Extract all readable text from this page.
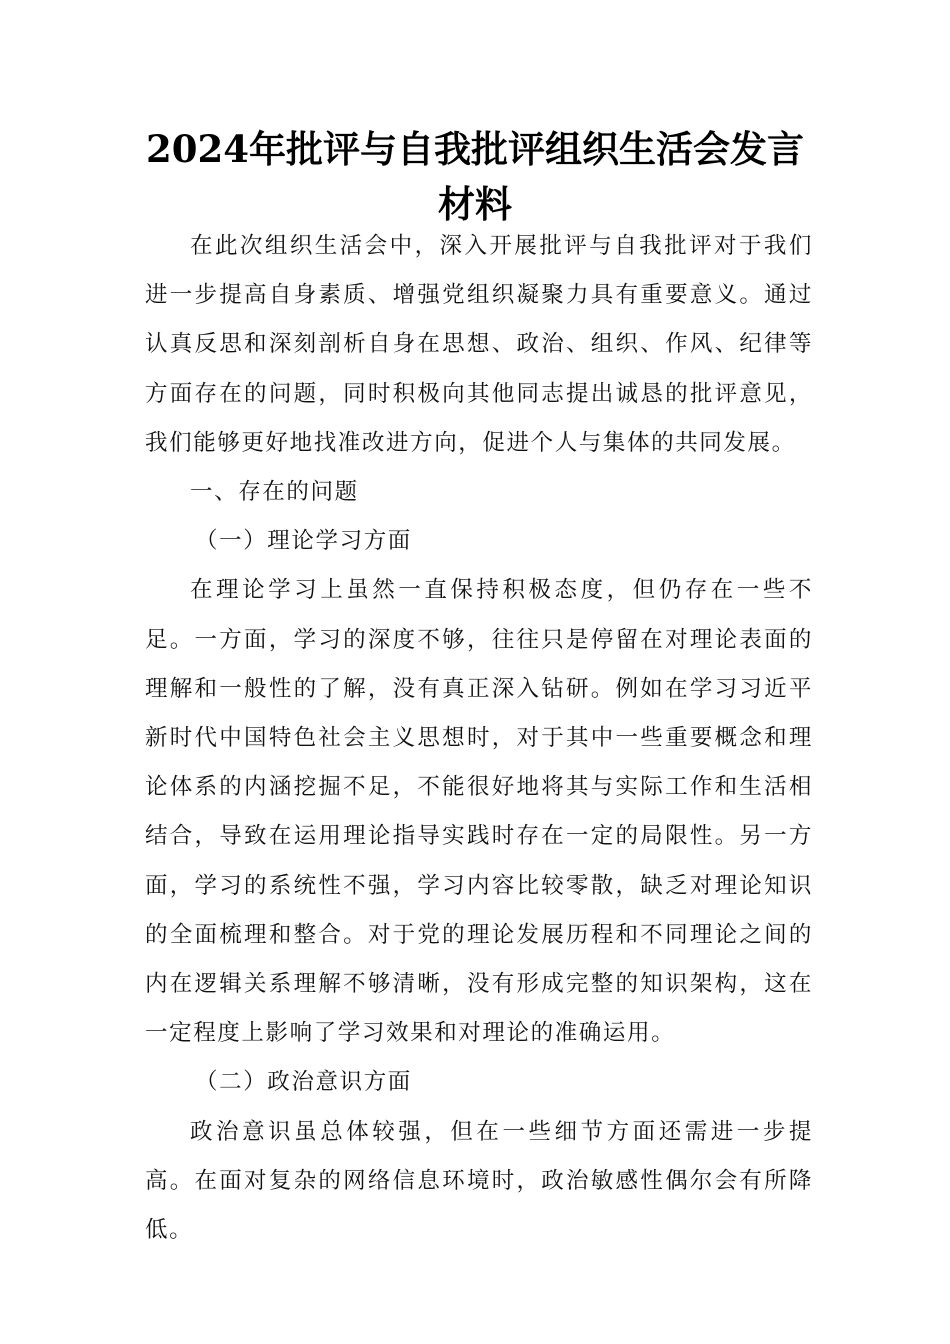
2024年批评与自我批评组织生活会发言材料

在此次组织生活会中，深入开展批评与自我批评对于我们进一步提高自身素质、增强党组织凝聚力具有重要意义。通过认真反思和深刻剖析自身在思想、政治、组织、作风、纪律等方面存在的问题，同时积极向其他同志提出诚恳的批评意见，我们能够更好地找准改进方向，促进个人与集体的共同发展。

一、存在的问题

（一）理论学习方面

在理论学习上虽然一直保持积极态度，但仍存在一些不足。一方面，学习的深度不够，往往只是停留在对理论表面的理解和一般性的了解，没有真正深入钻研。例如在学习习近平新时代中国特色社会主义思想时，对于其中一些重要概念和理论体系的内涵挖掘不足，不能很好地将其与实际工作和生活相结合，导致在运用理论指导实践时存在一定的局限性。另一方面，学习的系统性不强，学习内容比较零散，缺乏对理论知识的全面梳理和整合。对于党的理论发展历程和不同理论之间的内在逻辑关系理解不够清晰，没有形成完整的知识架构，这在一定程度上影响了学习效果和对理论的准确运用。

（二）政治意识方面

政治意识虽总体较强，但在一些细节方面还需进一步提高。在面对复杂的网络信息环境时，政治敏感性偶尔会有所降低。
